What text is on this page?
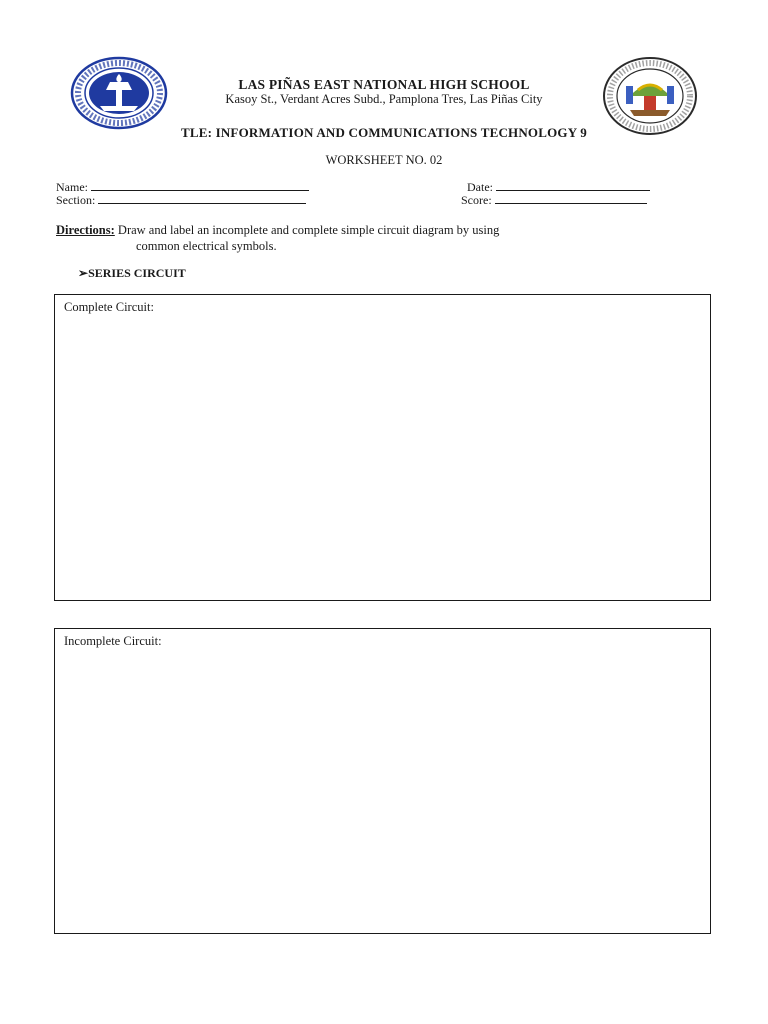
LAS PIÑAS EAST NATIONAL HIGH SCHOOL
Kasoy St., Verdant Acres Subd., Pamplona Tres, Las Piñas City
TLE: INFORMATION AND COMMUNICATIONS TECHNOLOGY 9
WORKSHEET NO. 02
Name:
Section:
Date:
Score:
Directions: Draw and label an incomplete and complete simple circuit diagram by using
common electrical symbols.
➢SERIES CIRCUIT
Complete Circuit:
Incomplete Circuit:
